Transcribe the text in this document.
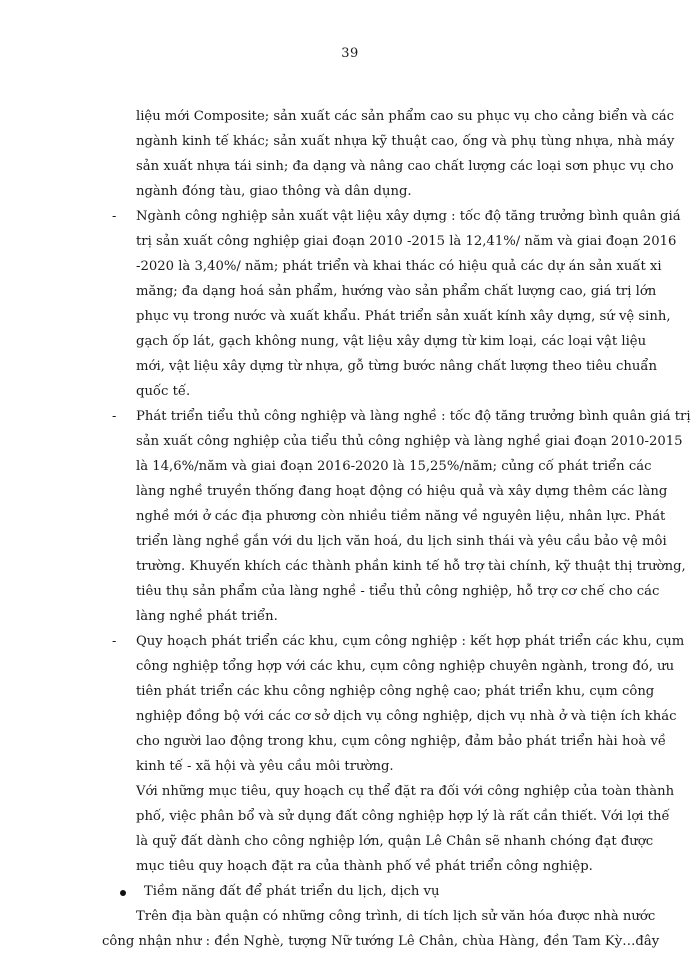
39
liệu mới Composite; sản xuất các sản phẩm cao su phục vụ cho cảng biển và các
ngành kinh tế khác; sản xuất nhựa kỹ thuật cao, ống và phụ tùng nhựa, nhà máy
sản xuất nhựa tái sinh; đa dạng và nâng cao chất lượng các loại sơn phục vụ cho
ngành đóng tàu, giao thông và dân dụng.
- Ngành công nghiệp sản xuất vật liệu xây dựng : tốc độ tăng trưởng bình quân giá
trị sản xuất công nghiệp giai đoạn 2010 -2015 là 12,41%/ năm và giai đoạn 2016
-2020 là 3,40%/ năm; phát triển và khai thác có hiệu quả các dự án sản xuất xi
măng; đa dạng hoá sản phẩm, hướng vào sản phẩm chất lượng cao, giá trị lớn
phục vụ trong nước và xuất khẩu. Phát triển sản xuất kính xây dựng, sứ vệ sinh,
gạch ốp lát, gạch không nung, vật liệu xây dựng từ kim loại, các loại vật liệu
mới, vật liệu xây dựng từ nhựa, gỗ từng bước nâng chất lượng theo tiêu chuẩn
quốc tế.
- Phát triển tiểu thủ công nghiệp và làng nghề : tốc độ tăng trưởng bình quân giá trị
sản xuất công nghiệp của tiểu thủ công nghiệp và làng nghề giai đoạn 2010-2015
là 14,6%/năm và giai đoạn 2016-2020 là 15,25%/năm; củng cố phát triển các
làng nghề truyền thống đang hoạt động có hiệu quả và xây dựng thêm các làng
nghề mới ở các địa phương còn nhiều tiềm năng về nguyên liệu, nhân lực. Phát
triển làng nghề gắn với du lịch văn hoá, du lịch sinh thái và yêu cầu bảo vệ môi
trường. Khuyến khích các thành phần kinh tế hỗ trợ tài chính, kỹ thuật thị trường,
tiêu thụ sản phẩm của làng nghề - tiểu thủ công nghiệp, hỗ trợ cơ chế cho các
làng nghề phát triển.
- Quy hoạch phát triển các khu, cụm công nghiệp : kết hợp phát triển các khu, cụm
công nghiệp tổng hợp với các khu, cụm công nghiệp chuyên ngành, trong đó, ưu
tiên phát triển các khu công nghiệp công nghệ cao; phát triển khu, cụm công
nghiệp đồng bộ với các cơ sở dịch vụ công nghiệp, dịch vụ nhà ở và tiện ích khác
cho người lao động trong khu, cụm công nghiệp, đảm bảo phát triển hài hoà về
kinh tế - xã hội và yêu cầu môi trường.
Với những mục tiêu, quy hoạch cụ thể đặt ra đối với công nghiệp của toàn thành
phố, việc phân bổ và sử dụng đất công nghiệp hợp lý là rất cần thiết. Với lợi thế
là quỹ đất dành cho công nghiệp lớn, quận Lê Chân sẽ nhanh chóng đạt được
mục tiêu quy hoạch đặt ra của thành phố về phát triển công nghiệp.
Tiềm năng đất để phát triển du lịch, dịch vụ
Trên địa bàn quận có những công trình, di tích lịch sử văn hóa được nhà nước
công nhận như : đền Nghè, tượng Nữ tướng Lê Chân, chùa Hàng, đền Tam Kỳ…đây
